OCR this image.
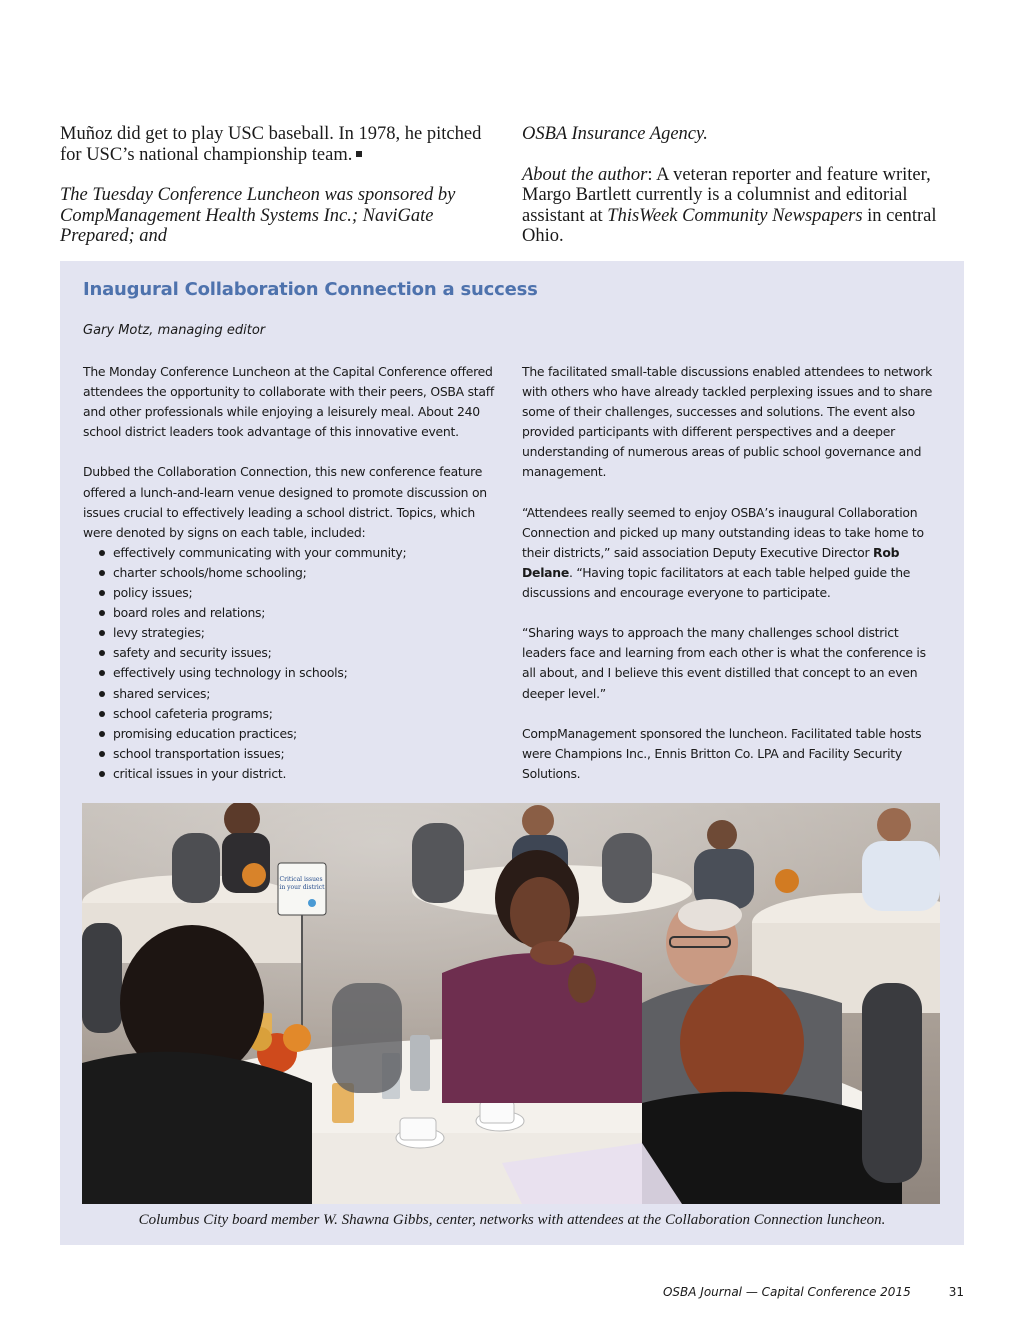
Muñoz did get to play USC baseball. In 1978, he pitched for USC’s national championship team.

The Tuesday Conference Luncheon was sponsored by CompManagement Health Systems Inc.; NaviGate Prepared; and

OSBA Insurance Agency.

About the author: A veteran reporter and feature writer, Margo Bartlett currently is a columnist and editorial assistant at ThisWeek Community Newspapers in central Ohio.

Inaugural Collaboration Connection a success
Gary Motz, managing editor

The Monday Conference Luncheon at the Capital Conference offered attendees the opportunity to collaborate with their peers, OSBA staff and other professionals while enjoying a leisurely meal. About 240 school district leaders took advantage of this innovative event.

Dubbed the Collaboration Connection, this new conference feature offered a lunch-and-learn venue designed to promote discussion on issues crucial to effectively leading a school district. Topics, which were denoted by signs on each table, included:

effectively communicating with your community;
charter schools/home schooling;
policy issues;
board roles and relations;
levy strategies;
safety and security issues;
effectively using technology in schools;
shared services;
school cafeteria programs;
promising education practices;
school transportation issues;
critical issues in your district.

The facilitated small-table discussions enabled attendees to network with others who have already tackled perplexing issues and to share some of their challenges, successes and solutions. The event also provided participants with different perspectives and a deeper understanding of numerous areas of public school governance and management.

“Attendees really seemed to enjoy OSBA’s inaugural Collaboration Connection and picked up many outstanding ideas to take home to their districts,” said association Deputy Executive Director Rob Delane. “Having topic facilitators at each table helped guide the discussions and encourage everyone to participate.

“Sharing ways to approach the many challenges school district leaders face and learning from each other is what the conference is all about, and I believe this event distilled that concept to an even deeper level.”

CompManagement sponsored the luncheon. Facilitated table hosts were Champions Inc., Ennis Britton Co. LPA and Facility Security Solutions.

Critical issues in your district
Columbus City board member W. Shawna Gibbs, center, networks with attendees at the Collaboration Connection luncheon.
OSBA Journal — Capital Conference 2015	31
